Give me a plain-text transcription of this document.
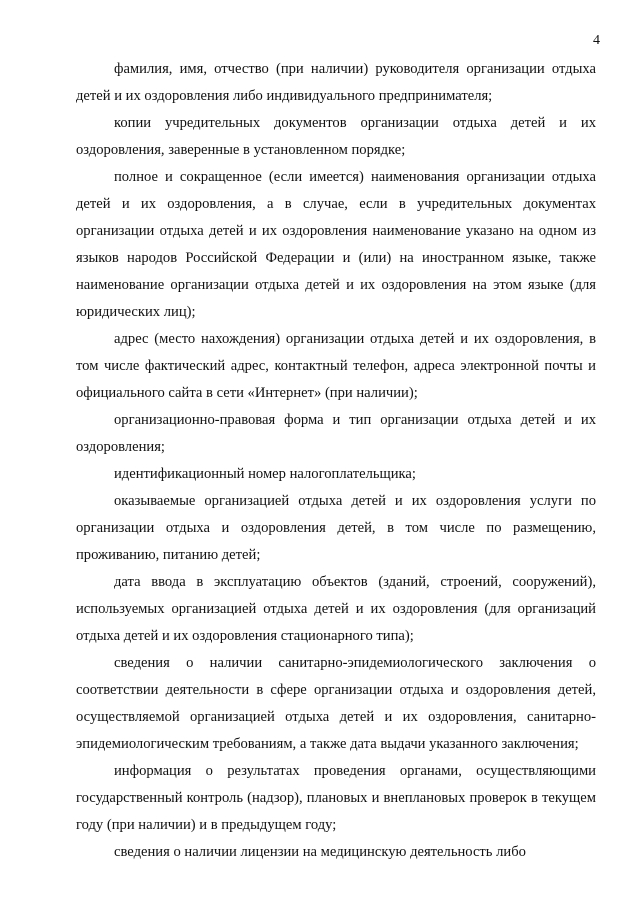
4

фамилия, имя, отчество (при наличии) руководителя организации отдыха детей и их оздоровления либо индивидуального предпринимателя;

копии учредительных документов организации отдыха детей и их оздоровления, заверенные в установленном порядке;

полное и сокращенное (если имеется) наименования организации отдыха детей и их оздоровления, а в случае, если в учредительных документах организации отдыха детей и их оздоровления наименование указано на одном из языков народов Российской Федерации и (или) на иностранном языке, также наименование организации отдыха детей и их оздоровления на этом языке (для юридических лиц);

адрес (место нахождения) организации отдыха детей и их оздоровления, в том числе фактический адрес, контактный телефон, адреса электронной почты и официального сайта в сети «Интернет» (при наличии);

организационно-правовая форма и тип организации отдыха детей и их оздоровления;

идентификационный номер налогоплательщика;

оказываемые организацией отдыха детей и их оздоровления услуги по организации отдыха и оздоровления детей, в том числе по размещению, проживанию, питанию детей;

дата ввода в эксплуатацию объектов (зданий, строений, сооружений), используемых организацией отдыха детей и их оздоровления (для организаций отдыха детей и их оздоровления стационарного типа);

сведения о наличии санитарно-эпидемиологического заключения о соответствии деятельности в сфере организации отдыха и оздоровления детей, осуществляемой организацией отдыха детей и их оздоровления, санитарно-эпидемиологическим требованиям, а также дата выдачи указанного заключения;

информация о результатах проведения органами, осуществляющими государственный контроль (надзор), плановых и внеплановых проверок в текущем году (при наличии) и в предыдущем году;

сведения о наличии лицензии на медицинскую деятельность либо
